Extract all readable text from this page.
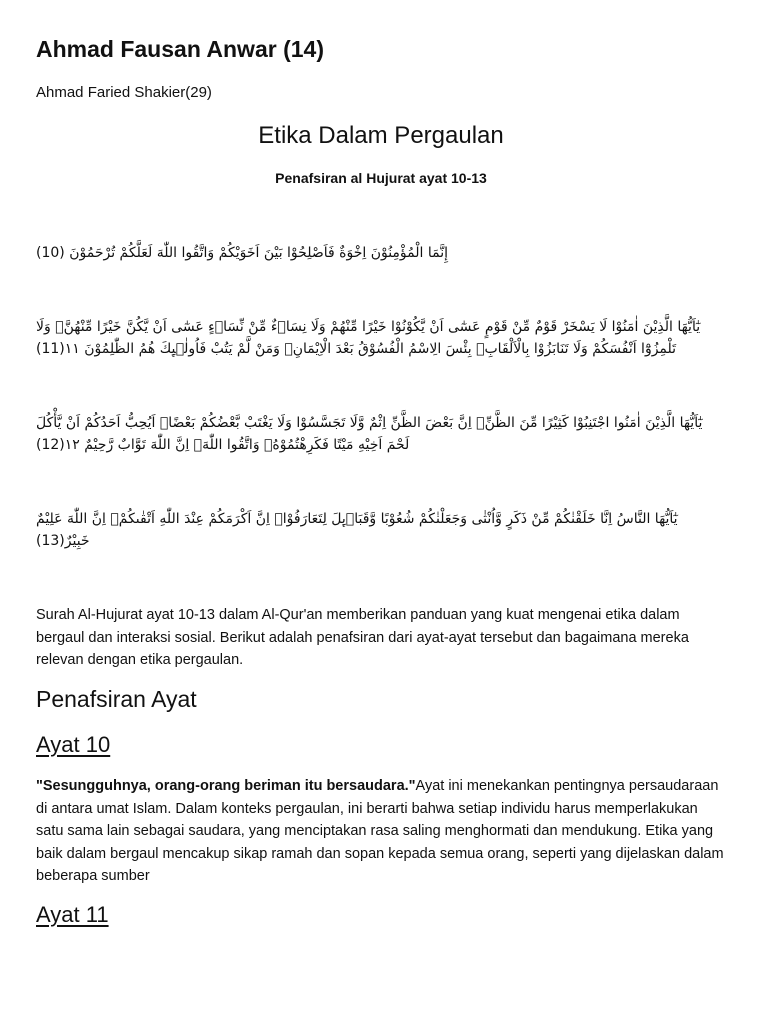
Ahmad Fausan Anwar (14)
Ahmad Faried Shakier(29)
Etika Dalam Pergaulan
Penafsiran al Hujurat ayat 10-13
إِنَّمَا الْمُؤْمِنُوْنَ اِخْوَةٌ فَاَصْلِحُوْا بَيْنَ اَخَوَيْكُمْ وَاتَّقُوا اللّٰهَ لَعَلَّكُمْ تُرْحَمُوْنَ (10)
يٰٓاَيُّهَا الَّذِيْنَ اٰمَنُوْا لَا يَسْخَرْ قَوْمٌ مِّنْ قَوْمٍ عَسٰٓى اَنْ يَّكُوْنُوْا خَيْرًا مِّنْهُمْ وَلَا نِسَاۤءٌ مِّنْ نِّسَاۤءٍ عَسٰٓى اَنْ يَّكُنَّ خَيْرًا مِّنْهُنَّۚ وَلَا تَلْمِزُوْٓا اَنْفُسَكُمْ وَلَا تَنَابَزُوْا بِالْاَلْقَابِۗ بِئْسَ الِاسْمُ الْفُسُوْقُ بَعْدَ الْاِيْمَانِۚ وَمَنْ لَّمْ يَتُبْ فَاُولٰۤىِٕكَ هُمُ الظّٰلِمُوْنَ ١١(11)
يٰٓاَيُّهَا الَّذِيْنَ اٰمَنُوا اجْتَنِبُوْا كَثِيْرًا مِّنَ الظَّنِّۖ اِنَّ بَعْضَ الظَّنِّ اِثْمٌ وَّلَا تَجَسَّسُوْا وَلَا يَغْتَبْ بَّعْضُكُمْ بَعْضًاۗ اَيُحِبُّ اَحَدُكُمْ اَنْ يَّأْكُلَ لَحْمَ اَخِيْهِ مَيْتًا فَكَرِهْتُمُوْهُۗ وَاتَّقُوا اللّٰهَۗ اِنَّ اللّٰهَ تَوَّابٌ رَّحِيْمٌ ١٢(12)
يٰٓاَيُّهَا النَّاسُ اِنَّا خَلَقْنٰكُمْ مِّنْ ذَكَرٍ وَّاُنْثٰى وَجَعَلْنٰكُمْ شُعُوْبًا وَّقَبَاۤىِٕلَ لِتَعَارَفُوْاۚ اِنَّ اَكْرَمَكُمْ عِنْدَ اللّٰهِ اَتْقٰىكُمْۗ اِنَّ اللّٰهَ عَلِيْمٌ خَبِيْرٌ(13)

Surah Al-Hujurat ayat 10-13 dalam Al-Qur'an memberikan panduan yang kuat mengenai etika dalam bergaul dan interaksi sosial. Berikut adalah penafsiran dari ayat-ayat tersebut dan bagaimana mereka relevan dengan etika pergaulan.

Penafsiran Ayat
Ayat 10

"Sesungguhnya, orang-orang beriman itu bersaudara."Ayat ini menekankan pentingnya persaudaraan di antara umat Islam. Dalam konteks pergaulan, ini berarti bahwa setiap individu harus memperlakukan satu sama lain sebagai saudara, yang menciptakan rasa saling menghormati dan mendukung. Etika yang baik dalam bergaul mencakup sikap ramah dan sopan kepada semua orang, seperti yang dijelaskan dalam beberapa sumber

Ayat 11
